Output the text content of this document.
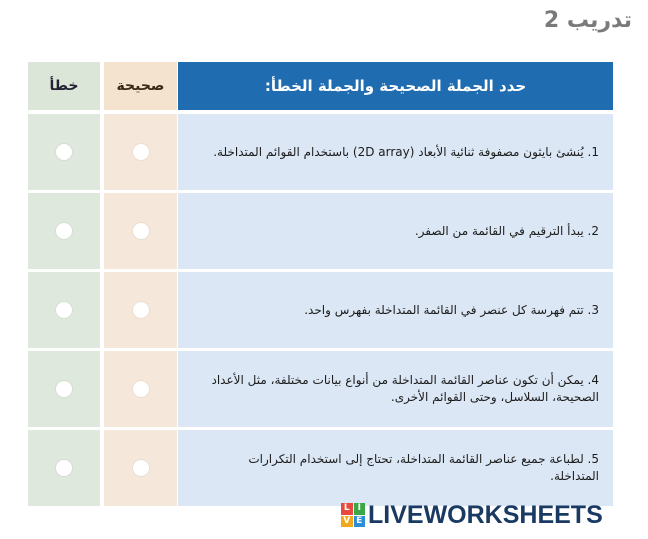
تدريب 2
حدد الجملة الصحيحة والجملة الخطأ:
صحيحة
خطأ
1. يُنشئ بايثون مصفوفة ثنائية الأبعاد (2D array) باستخدام القوائم المتداخلة.
2. يبدأ الترقيم في القائمة من الصفر.
3. تتم فهرسة كل عنصر في القائمة المتداخلة بفهرس واحد.
4. يمكن أن تكون عناصر القائمة المتداخلة من أنواع بيانات مختلفة، مثل الأعداد الصحيحة، السلاسل، وحتى القوائم الأخرى.
5. لطباعة جميع عناصر القائمة المتداخلة، تحتاج إلى استخدام التكرارات المتداخلة.
L I
V E LIVEWORKSHEETS
